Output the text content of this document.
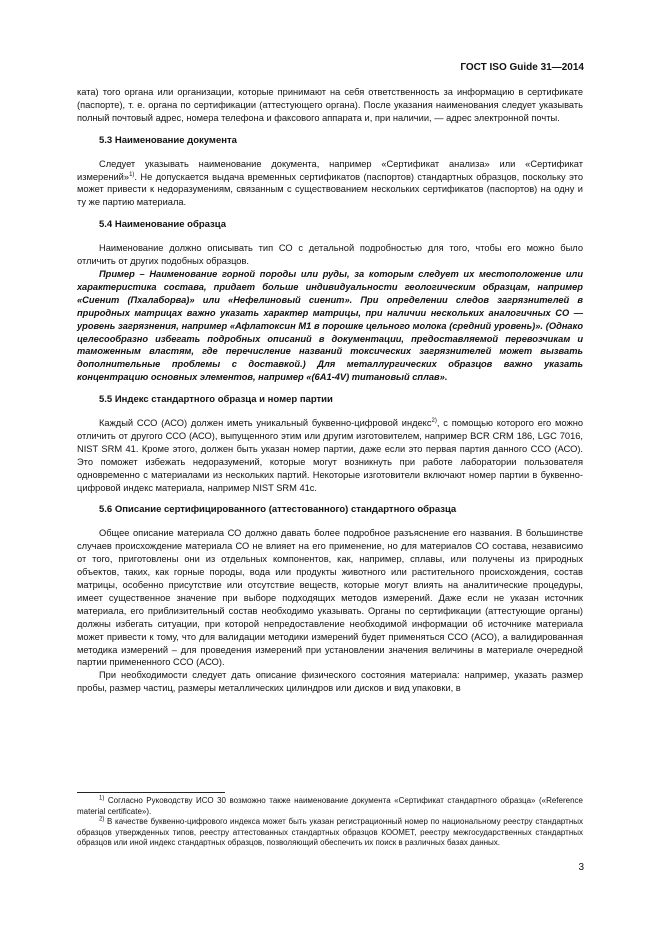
ГОСТ ISO Guide 31—2014

ката) того органа или организации, которые принимают на себя ответственность за информацию в сертификате (паспорте), т. е. органа по сертификации (аттестующего органа). После указания наименования следует указывать полный почтовый адрес, номера телефона и факсового аппарата и, при наличии, — адрес электронной почты.

5.3 Наименование документа

Следует указывать наименование документа, например «Сертификат анализа» или «Сертификат измерений»$^{1)}$. Не допускается выдача временных сертификатов (паспортов) стандартных образцов, поскольку это может привести к недоразумениям, связанным с существованием нескольких сертификатов (паспортов) на одну и ту же партию материала.

5.4 Наименование образца

Наименование должно описывать тип СО с детальной подробностью для того, чтобы его можно было отличить от других подобных образцов.

Пример – Наименование горной породы или руды, за которым следует их местоположение или характеристика состава, придает больше индивидуальности геологическим образцам, например «Сиенит (Пхалаборва)» или «Нефелиновый сиенит». При определении следов загрязнителей в природных матрицах важно указать характер матрицы, при наличии нескольких аналогичных СО — уровень загрязнения, например «Афлатоксин М1 в порошке цельного молока (средний уровень)». (Однако целесообразно избегать подробных описаний в документации, предоставляемой перевозчикам и таможенным властям, где перечисление названий токсических загрязнителей может вызвать дополнительные проблемы с доставкой.) Для металлургических образцов важно указать концентрацию основных элементов, например «(6A1-4V) титановый сплав».

5.5 Индекс стандартного образца и номер партии

Каждый ССО (АСО) должен иметь уникальный буквенно-цифровой индекс$^{2)}$, с помощью которого его можно отличить от другого ССО (АСО), выпущенного этим или другим изготовителем, например BCR CRM 186, LGC 7016, NIST SRM 41. Кроме этого, должен быть указан номер партии, даже если это первая партия данного ССО (АСО). Это поможет избежать недоразумений, которые могут возникнуть при работе лаборатории пользователя одновременно с материалами из нескольких партий. Некоторые изготовители включают номер партии в буквенно-цифровой индекс материала, например NIST SRM 41c.

5.6 Описание сертифицированного (аттестованного) стандартного образца

Общее описание материала СО должно давать более подробное разъяснение его названия. В большинстве случаев происхождение материала СО не влияет на его применение, но для материалов СО состава, независимо от того, приготовлены они из отдельных компонентов, как, например, сплавы, или получены из природных объектов, таких, как горные породы, вода или продукты животного или растительного происхождения, состав матрицы, особенно присутствие или отсутствие веществ, которые могут влиять на аналитические процедуры, имеет существенное значение при выборе подходящих методов измерений. Даже если не указан источник материала, его приблизительный состав необходимо указывать. Органы по сертификации (аттестующие органы) должны избегать ситуации, при которой непредоставление необходимой информации об источнике материала может привести к тому, что для валидации методики измерений будет применяться ССО (АСО), а валидированная методика измерений – для проведения измерений при установлении значения величины в материале очередной партии примененного ССО (АСО).

При необходимости следует дать описание физического состояния материала: например, указать размер пробы, размер частиц, размеры металлических цилиндров или дисков и вид упаковки, в

$^{1)}$ Согласно Руководству ИСО 30 возможно также наименование документа «Сертификат стандартного образца» («Reference material certificate»).

$^{2)}$ В качестве буквенно-цифрового индекса может быть указан регистрационный номер по национальному реестру стандартных образцов утвержденных типов, реестру аттестованных стандартных образцов КООМЕТ, реестру межгосударственных стандартных образцов или иной индекс стандартных образцов, позволяющий обеспечить их поиск в различных базах данных.

3
